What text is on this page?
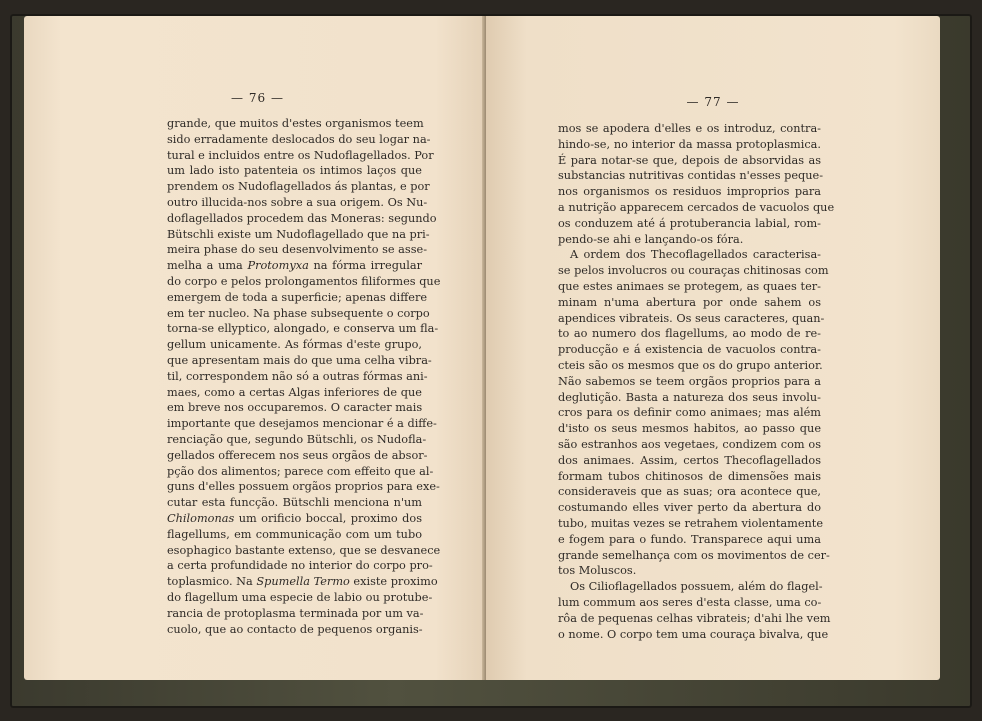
— 76 —
grande, que muitos d'estes organismos teem
sido erradamente deslocados do seu logar na-
tural e incluidos entre os Nudoflagellados. Por
um lado isto patenteia os intimos laços que
prendem os Nudoflagellados ás plantas, e por
outro illucida-nos sobre a sua origem. Os Nu-
doflagellados procedem das Moneras: segundo
Bütschli existe um Nudoflagellado que na pri-
meira phase do seu desenvolvimento se asse-
melha a uma Protomyxa na fórma irregular
do corpo e pelos prolongamentos filiformes que
emergem de toda a superficie; apenas differe
em ter nucleo. Na phase subsequente o corpo
torna-se ellyptico, alongado, e conserva um fla-
gellum unicamente. As fórmas d'este grupo,
que apresentam mais do que uma celha vibra-
til, correspondem não só a outras fórmas ani-
maes, como a certas Algas inferiores de que
em breve nos occuparemos. O caracter mais
importante que desejamos mencionar é a diffe-
renciação que, segundo Bütschli, os Nudofla-
gellados offerecem nos seus orgãos de absor-
pção dos alimentos; parece com effeito que al-
guns d'elles possuem orgãos proprios para exe-
cutar esta funcção. Bütschli menciona n'um
Chilomonas um orificio boccal, proximo dos
flagellums, em communicação com um tubo
esophagico bastante extenso, que se desvanece
a certa profundidade no interior do corpo pro-
toplasmico. Na Spumella Termo existe proximo
do flagellum uma especie de labio ou protube-
rancia de protoplasma terminada por um va-
cuolo, que ao contacto de pequenos organis-
— 77 —
mos se apodera d'elles e os introduz, contra-
hindo-se, no interior da massa protoplasmica.
É para notar-se que, depois de absorvidas as
substancias nutritivas contidas n'esses peque-
nos organismos os residuos improprios para
a nutrição apparecem cercados de vacuolos que
os conduzem até á protuberancia labial, rom-
pendo-se ahi e lançando-os fóra.
A ordem dos Thecoflagellados caracterisa-
se pelos involucros ou couraças chitinosas com
que estes animaes se protegem, as quaes ter-
minam n'uma abertura por onde sahem os
apendices vibrateis. Os seus caracteres, quan-
to ao numero dos flagellums, ao modo de re-
producção e á existencia de vacuolos contra-
cteis são os mesmos que os do grupo anterior.
Não sabemos se teem orgãos proprios para a
deglutição. Basta a natureza dos seus involu-
cros para os definir como animaes; mas além
d'isto os seus mesmos habitos, ao passo que
são estranhos aos vegetaes, condizem com os
dos animaes. Assim, certos Thecoflagellados
formam tubos chitinosos de dimensões mais
consideraveis que as suas; ora acontece que,
costumando elles viver perto da abertura do
tubo, muitas vezes se retrahem violentamente
e fogem para o fundo. Transparece aqui uma
grande semelhança com os movimentos de cer-
tos Moluscos.
Os Cilioflagellados possuem, além do flagel-
lum commum aos seres d'esta classe, uma co-
rôa de pequenas celhas vibrateis; d'ahi lhe vem
o nome. O corpo tem uma couraça bivalva, que
